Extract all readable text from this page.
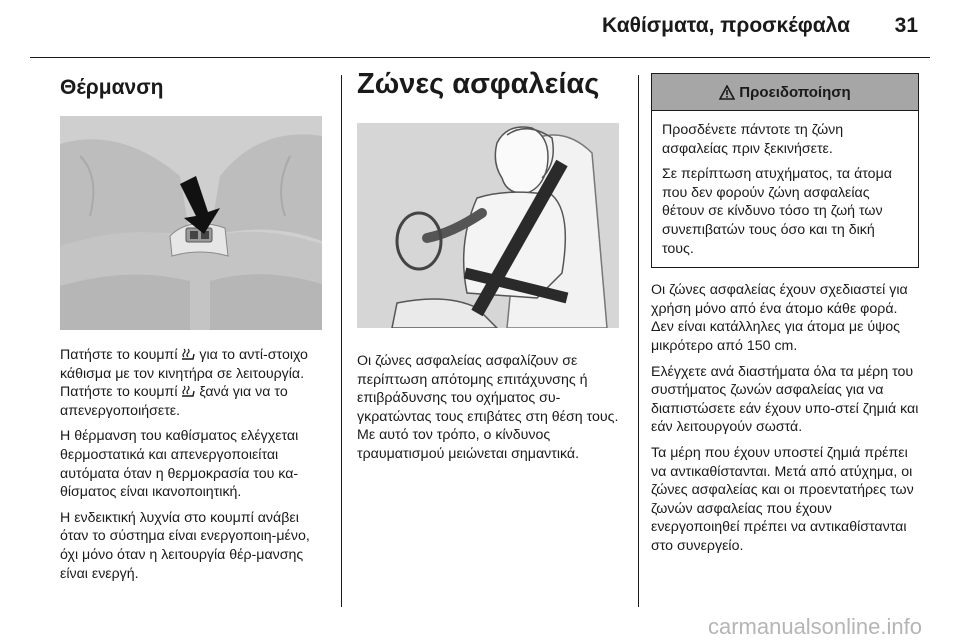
Καθίσματα, προσκέφαλα 31
Θέρμανση

Πατήστε το κουμπί  για το αντί-στοιχο κάθισμα με τον κινητήρα σε λειτουργία. Πατήστε το κουμπί  ξανά για να το απενεργοποιήσετε.

Η θέρμανση του καθίσματος ελέγχεται θερμοστατικά και απενεργοποιείται αυτόματα όταν η θερμοκρασία του κα-θίσματος είναι ικανοποιητική.

Η ενδεικτική λυχνία στο κουμπί ανάβει όταν το σύστημα είναι ενεργοποιη-μένο, όχι μόνο όταν η λειτουργία θέρ-μανσης είναι ενεργή.

Ζώνες ασφαλείας

Οι ζώνες ασφαλείας ασφαλίζουν σε περίπτωση απότομης επιτάχυνσης ή επιβράδυνσης του οχήματος συ-γκρατώντας τους επιβάτες στη θέση τους. Με αυτό τον τρόπο, ο κίνδυνος τραυματισμού μειώνεται σημαντικά.

Προειδοποίηση

Προσδένετε πάντοτε τη ζώνη ασφαλείας πριν ξεκινήσετε.

Σε περίπτωση ατυχήματος, τα άτομα που δεν φορούν ζώνη ασφαλείας θέτουν σε κίνδυνο τόσο τη ζωή των συνεπιβατών τους όσο και τη δική τους.

Οι ζώνες ασφαλείας έχουν σχεδιαστεί για χρήση μόνο από ένα άτομο κάθε φορά. Δεν είναι κατάλληλες για άτομα με ύψος μικρότερο από 150 cm.

Ελέγχετε ανά διαστήματα όλα τα μέρη του συστήματος ζωνών ασφαλείας για να διαπιστώσετε εάν έχουν υπο-στεί ζημιά και εάν λειτουργούν σωστά.

Τα μέρη που έχουν υποστεί ζημιά πρέπει να αντικαθίστανται. Μετά από ατύχημα, οι ζώνες ασφαλείας και οι προεντατήρες των ζωνών ασφαλείας που έχουν ενεργοποιηθεί πρέπει να αντικαθίστανται στο συνεργείο.

carmanualsonline.info
